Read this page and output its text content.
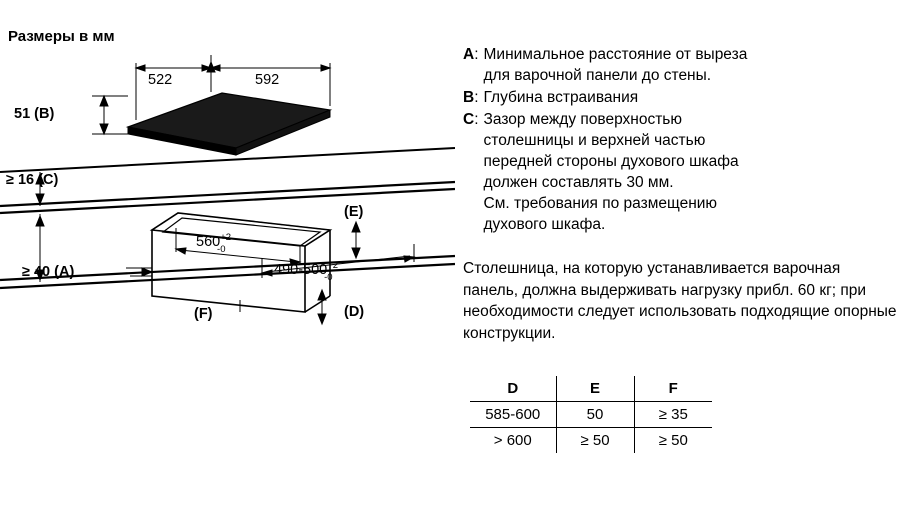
Размеры в мм
522	592
51 (B)
≥ 16 (C)
(E)
$560^{+2}$ -0
$490-500^{+2}$ -0
≥ 40 (A)
(F)	(D)
A: Минимальное расстояние от выреза
для варочной панели до стены.
B: Глубина встраивания
C: Зазор между поверхностью
столешницы и верхней частью
передней стороны духового шкафа
должен составлять 30 мм.
См. требования по размещению
духового шкафа.
Столешница, на которую устанавливается варочная панель, должна выдерживать нагрузку прибл. 60 кг; при необходимости следует использовать подходящие опорные конструкции.
D	E	F
585-600	50	≥ 35
> 600	≥ 50	≥ 50
